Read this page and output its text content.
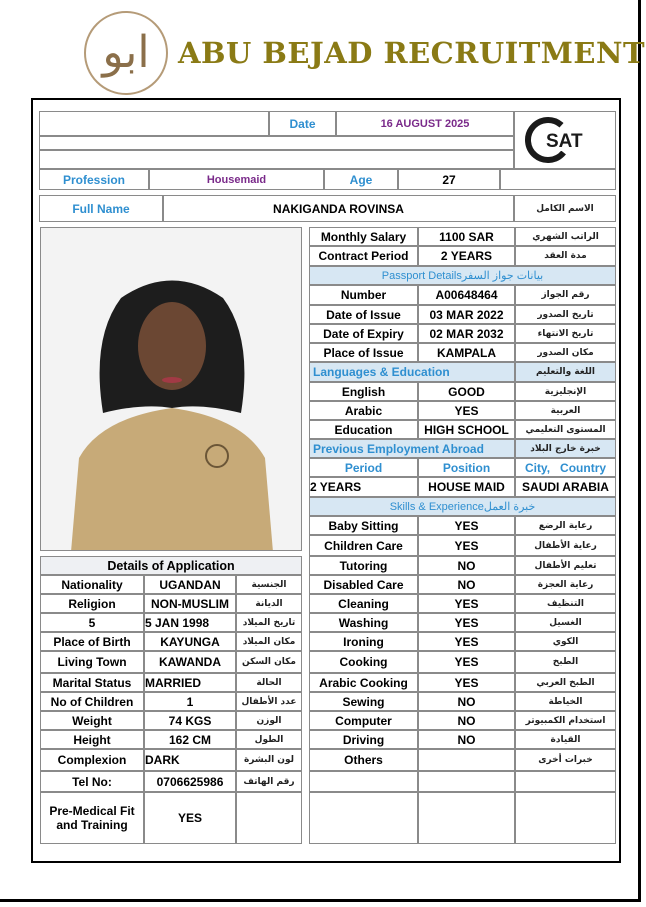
ابو ABU BEJAD RECRUITMENT
Date	16 AUGUST 2025
SAT
Profession	Housemaid	Age	27
Full Name	NAKIGANDA ROVINSA	الاسم الكامل
Monthly Salary	1100 SAR	الراتب الشهري
Contract Period	2 YEARS	مدة العقد
Passport Detailsبيانات جواز السفر
Number	A00648464	رقم الجواز
Date of Issue	03 MAR 2022	تاريخ الصدور
Date of Expiry	02 MAR 2032	تاريخ الانتهاء
Place of Issue	KAMPALA	مكان الصدور
Languages & Education	اللغة والتعليم
English	GOOD	الإنجليزية
Arabic	YES	العربية
Education	HIGH SCHOOL	المستوى التعليمي
Previous Employment Abroad	خبرة خارج البلاد
Period	Position	City,   Country
2 YEARS	HOUSE MAID	SAUDI ARABIA
Skills & Experienceخبرة العمل
Baby Sitting	YES	رعاية الرضع
Children Care	YES	رعاية الأطفال
Tutoring	NO	تعليم الأطفال
Disabled Care	NO	رعاية العجزة
Cleaning	YES	التنظيف
Washing	YES	الغسيل
Ironing	YES	الكوي
Cooking	YES	الطبخ
Arabic Cooking	YES	الطبخ العربي
Sewing	NO	الخياطة
Computer	NO	استخدام الكمبيوتر
Driving	NO	القيادة
Others	خبرات أخرى
Details of Application
Nationality	UGANDAN	الجنسية
Religion	NON-MUSLIM	الديانة
5	5 JAN 1998	تاريخ الميلاد
Place of Birth	KAYUNGA	مكان الميلاد
Living Town	KAWANDA	مكان السكن
Marital Status	MARRIED	الحالة
No of Children	1	عدد الأطفال
Weight	74 KGS	الوزن
Height	162 CM	الطول
Complexion	DARK	لون البشرة
Tel No:	0706625986	رقم الهاتف
Pre-Medical Fit and Training	YES
